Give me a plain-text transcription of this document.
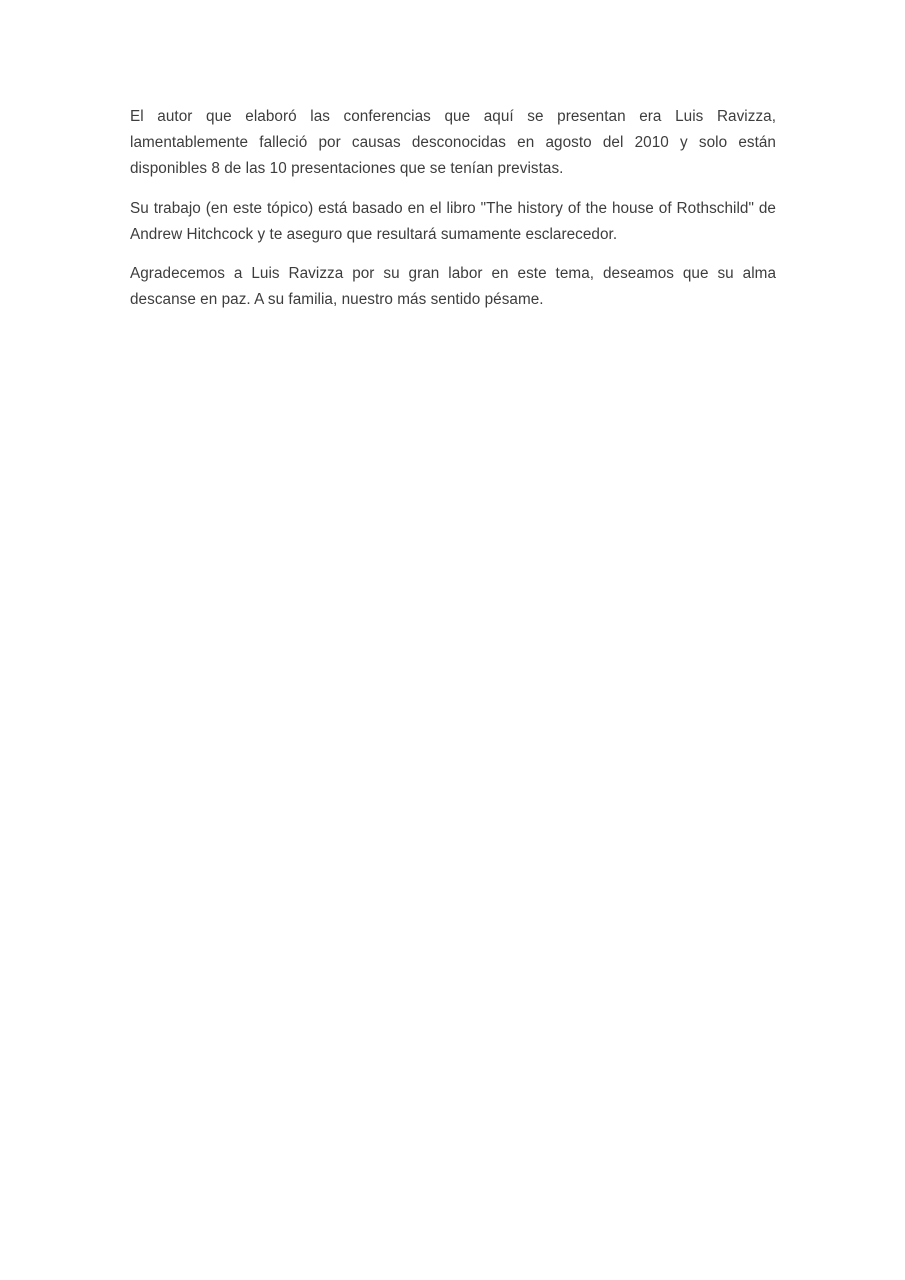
El autor que elaboró las conferencias que aquí se presentan era Luis Ravizza, lamentablemente falleció por causas desconocidas en agosto del 2010 y solo están disponibles 8 de las 10 presentaciones que se tenían previstas.

Su trabajo (en este tópico) está basado en el libro "The history of the house of Rothschild" de Andrew Hitchcock y te aseguro que resultará sumamente esclarecedor.

Agradecemos a Luis Ravizza por su gran labor en este tema, deseamos que su alma descanse en paz. A su familia, nuestro más sentido pésame.
